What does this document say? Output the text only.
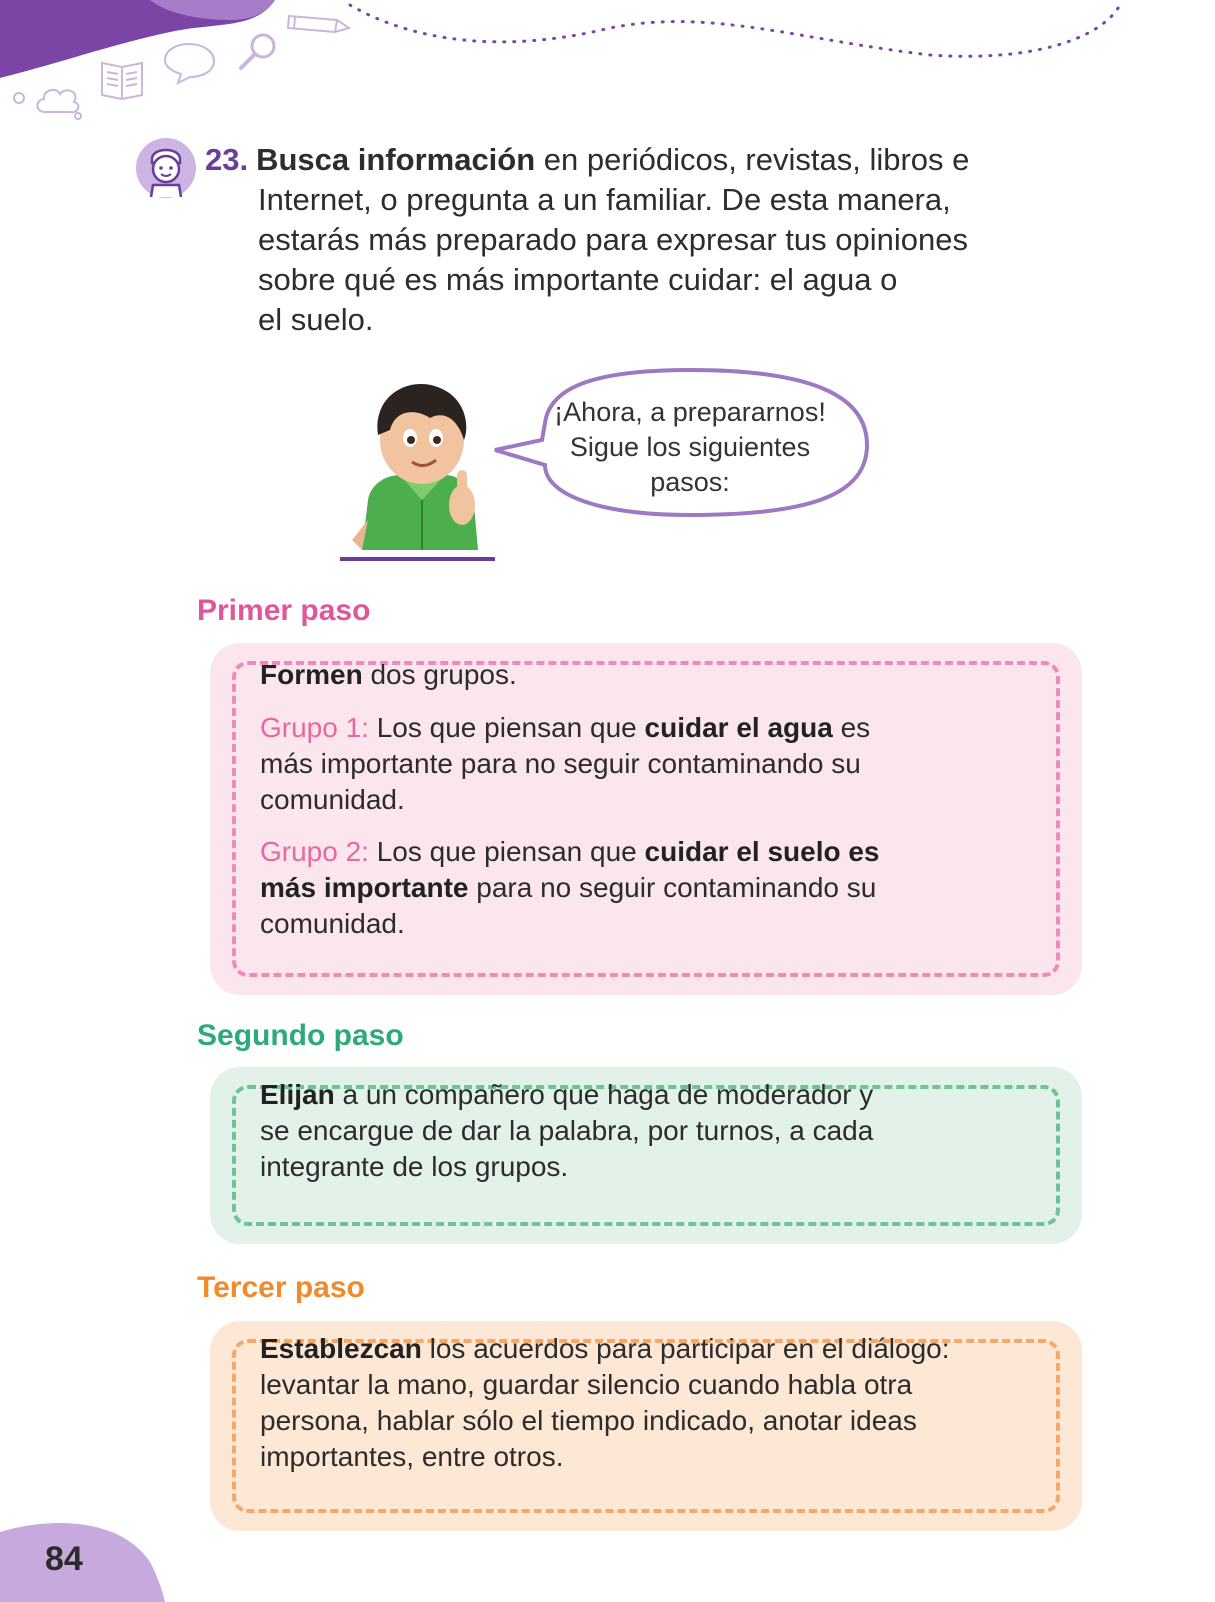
23. Busca información en periódicos, revistas, libros e
Internet, o pregunta a un familiar. De esta manera,
estarás más preparado para expresar tus opiniones
sobre qué es más importante cuidar: el agua o
el suelo.
¡Ahora, a prepararnos!
Sigue los siguientes
pasos:
Primer paso
Formen dos grupos.
Grupo 1: Los que piensan que cuidar el agua es
más importante para no seguir contaminando su
comunidad.
Grupo 2: Los que piensan que cuidar el suelo es
más importante para no seguir contaminando su
comunidad.
Segundo paso
Elijan a un compañero que haga de moderador y
se encargue de dar la palabra, por turnos, a cada
integrante de los grupos.
Tercer paso
Establezcan los acuerdos para participar en el diálogo:
levantar la mano, guardar silencio cuando habla otra
persona, hablar sólo el tiempo indicado, anotar ideas
importantes, entre otros.
84
